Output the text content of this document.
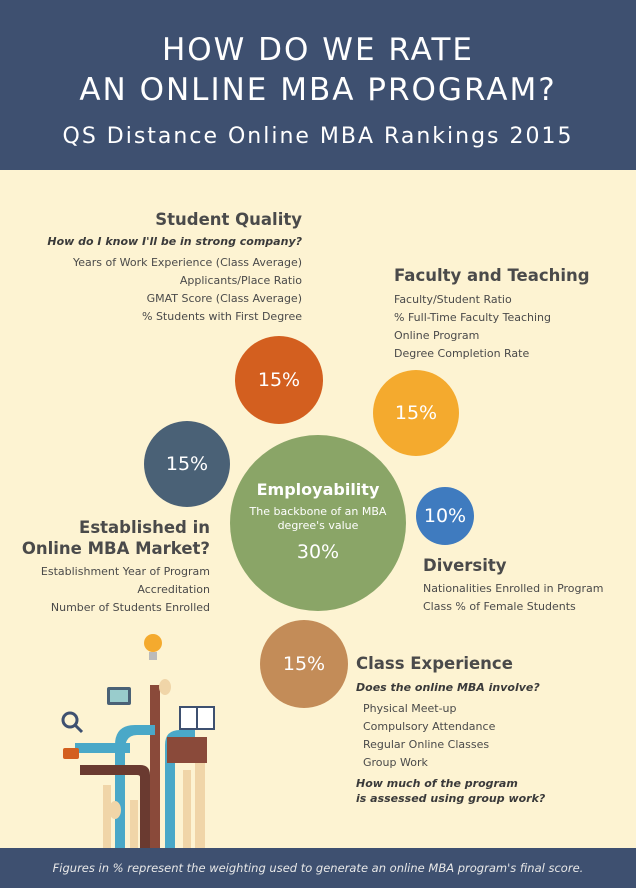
HOW DO WE RATE
AN ONLINE MBA PROGRAM?
QS Distance Online MBA Rankings 2015
Student Quality
How do I know I'll be in strong company?
Years of Work Experience (Class Average)
Applicants/Place Ratio
GMAT Score (Class Average)
% Students with First Degree
Faculty and Teaching
Faculty/Student Ratio
% Full-Time Faculty Teaching
Online Program
Degree Completion Rate
15%
15%
15%
10%
15%
Employability
The backbone of an MBA degree's value
30%
Established in
Online MBA Market?
Establishment Year of Program
Accreditation
Number of Students Enrolled
Diversity
Nationalities Enrolled in Program
Class % of Female Students
Class Experience
Does the online MBA involve?
Physical Meet-up
Compulsory Attendance
Regular Online Classes
Group Work
How much of the program
is assessed using group work?
Figures in % represent the weighting used to generate an online MBA program's final score.
